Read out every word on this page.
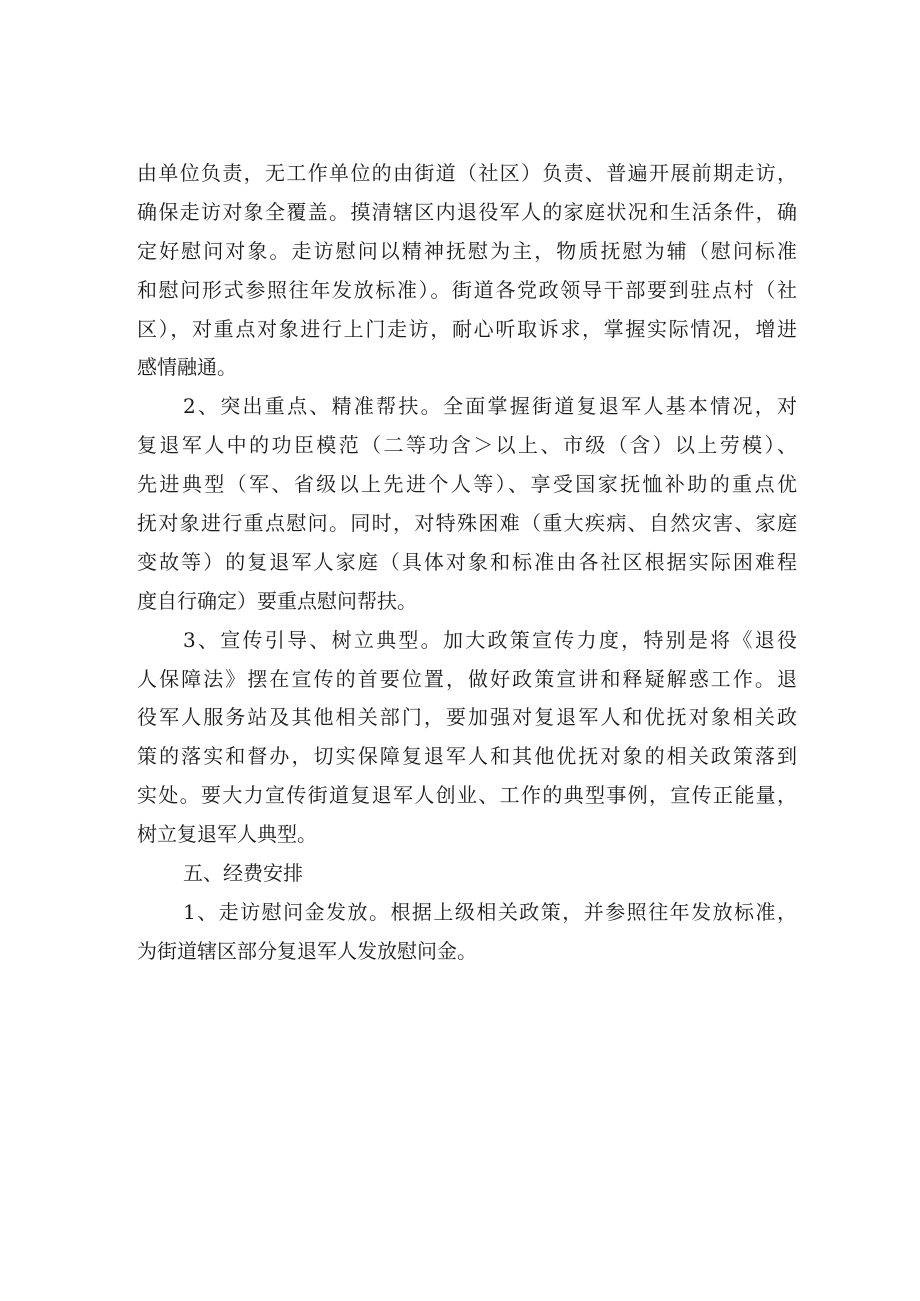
由单位负责，无工作单位的由街道（社区）负责、普遍开展前期走访，
确保走访对象全覆盖。摸清辖区内退役军人的家庭状况和生活条件，确
定好慰问对象。走访慰问以精神抚慰为主，物质抚慰为辅（慰问标准
和慰问形式参照往年发放标准）。街道各党政领导干部要到驻点村（社
区），对重点对象进行上门走访，耐心听取诉求，掌握实际情况，增进
感情融通。
2、突出重点、精准帮扶。全面掌握街道复退军人基本情况，对
复退军人中的功臣模范（二等功含＞以上、市级（含）以上劳模）、
先进典型（军、省级以上先进个人等）、享受国家抚恤补助的重点优
抚对象进行重点慰问。同时，对特殊困难（重大疾病、自然灾害、家庭
变故等）的复退军人家庭（具体对象和标准由各社区根据实际困难程
度自行确定）要重点慰问帮扶。
3、宣传引导、树立典型。加大政策宣传力度，特别是将《退役
人保障法》摆在宣传的首要位置，做好政策宣讲和释疑解惑工作。退
役军人服务站及其他相关部门，要加强对复退军人和优抚对象相关政
策的落实和督办，切实保障复退军人和其他优抚对象的相关政策落到
实处。要大力宣传街道复退军人创业、工作的典型事例，宣传正能量，
树立复退军人典型。
五、经费安排
1、走访慰问金发放。根据上级相关政策，并参照往年发放标准，
为街道辖区部分复退军人发放慰问金。
